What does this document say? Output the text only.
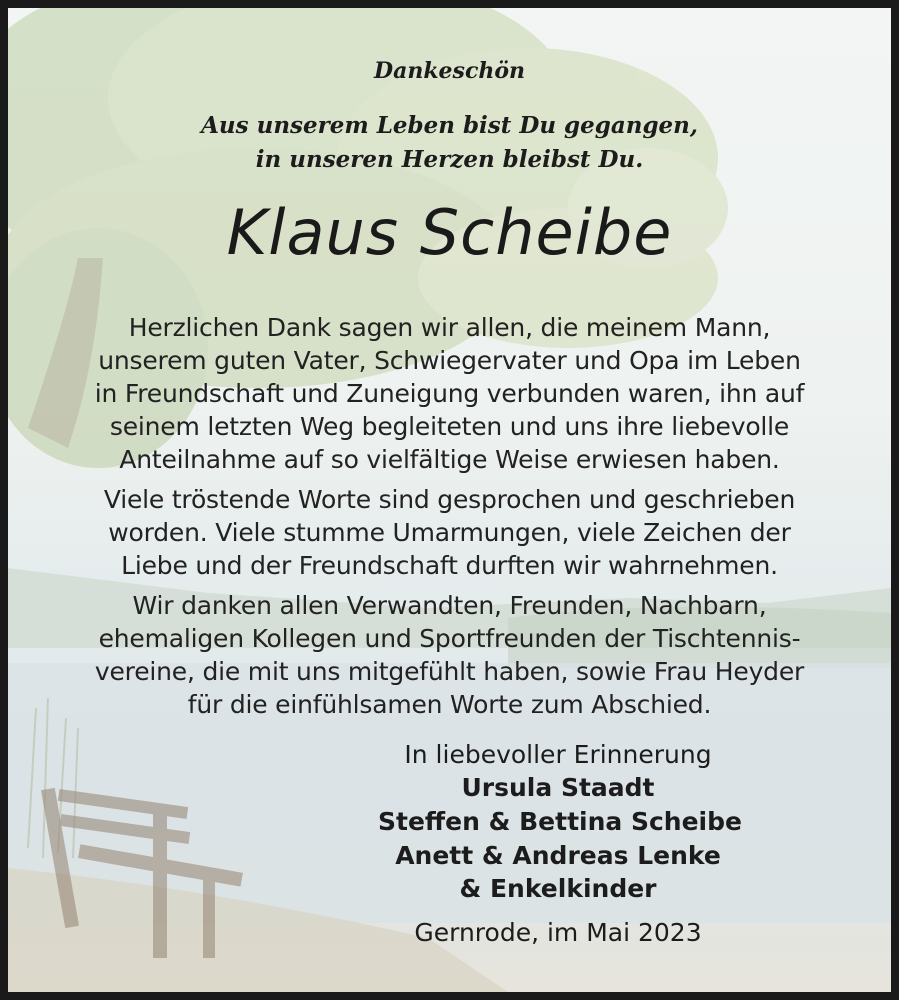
Dankeschön
Aus unserem Leben bist Du gegangen,
in unseren Herzen bleibst Du.
Klaus Scheibe
Herzlichen Dank sagen wir allen, die meinem Mann,
unserem guten Vater, Schwiegervater und Opa im Leben
in Freundschaft und Zuneigung verbunden waren, ihn auf
seinem letzten Weg begleiteten und uns ihre liebevolle
Anteilnahme auf so vielfältige Weise erwiesen haben.
Viele tröstende Worte sind gesprochen und geschrieben
worden. Viele stumme Umarmungen, viele Zeichen der
Liebe und der Freundschaft durften wir wahrnehmen.
Wir danken allen Verwandten, Freunden, Nachbarn,
ehemaligen Kollegen und Sportfreunden der Tischtennis-
vereine, die mit uns mitgefühlt haben, sowie Frau Heyder
für die einfühlsamen Worte zum Abschied.
In liebevoller Erinnerung
Ursula Staadt
Steffen & Bettina Scheibe
Anett & Andreas Lenke
& Enkelkinder
Gernrode, im Mai 2023
